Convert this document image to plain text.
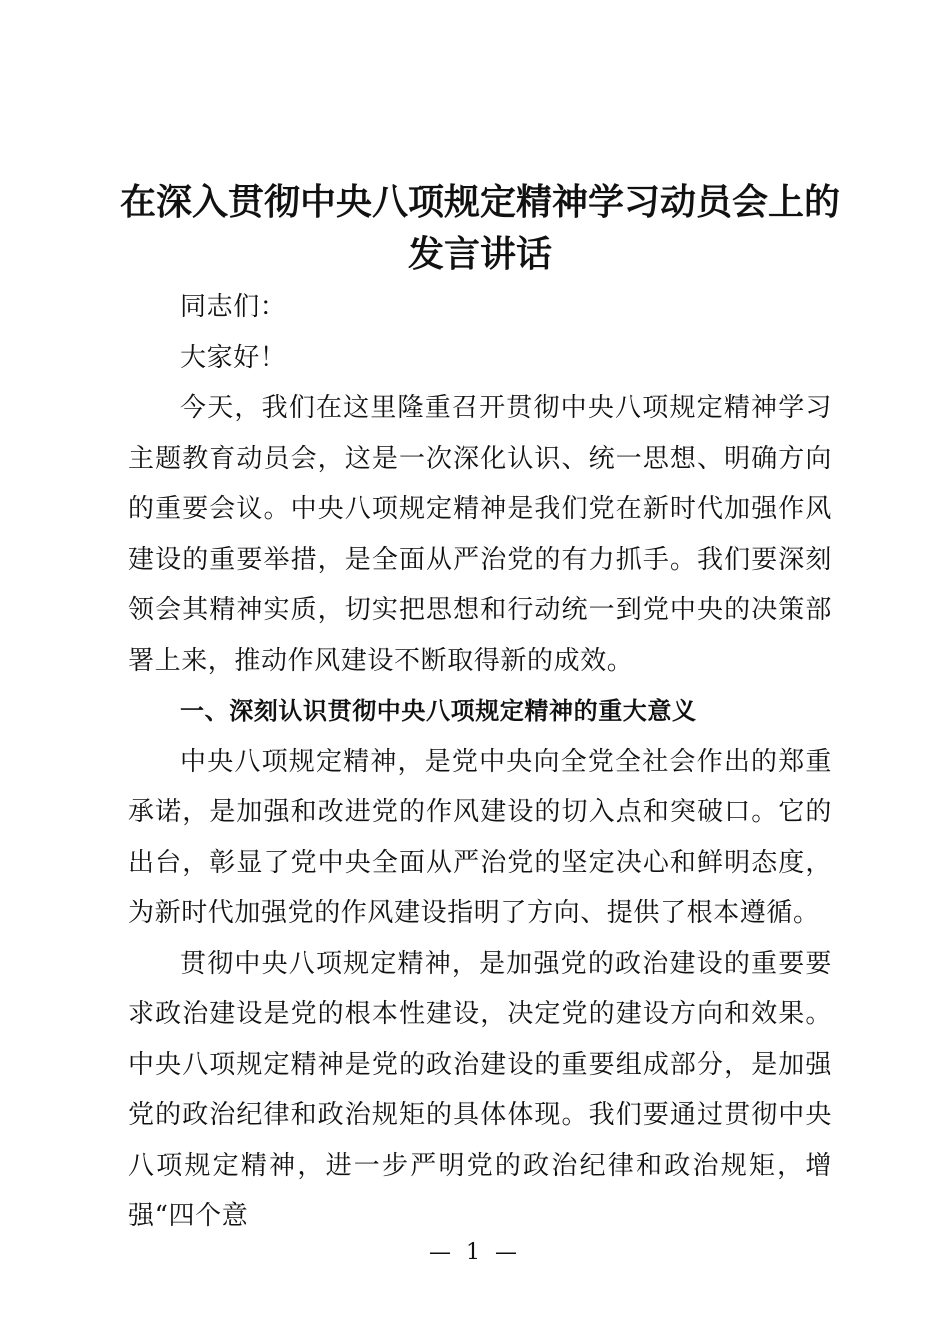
在深入贯彻中央八项规定精神学习动员会上的
发言讲话

同志们：

大家好！

今天，我们在这里隆重召开贯彻中央八项规定精神学习主题教育动员会，这是一次深化认识、统一思想、明确方向的重要会议。中央八项规定精神是我们党在新时代加强作风建设的重要举措，是全面从严治党的有力抓手。我们要深刻领会其精神实质，切实把思想和行动统一到党中央的决策部署上来，推动作风建设不断取得新的成效。

一、深刻认识贯彻中央八项规定精神的重大意义

中央八项规定精神，是党中央向全党全社会作出的郑重承诺，是加强和改进党的作风建设的切入点和突破口。它的出台，彰显了党中央全面从严治党的坚定决心和鲜明态度，为新时代加强党的作风建设指明了方向、提供了根本遵循。

贯彻中央八项规定精神，是加强党的政治建设的重要要求政治建设是党的根本性建设，决定党的建设方向和效果。中央八项规定精神是党的政治建设的重要组成部分，是加强党的政治纪律和政治规矩的具体体现。我们要通过贯彻中央八项规定精神，进一步严明党的政治纪律和政治规矩，增强“四个意

— 1 —
